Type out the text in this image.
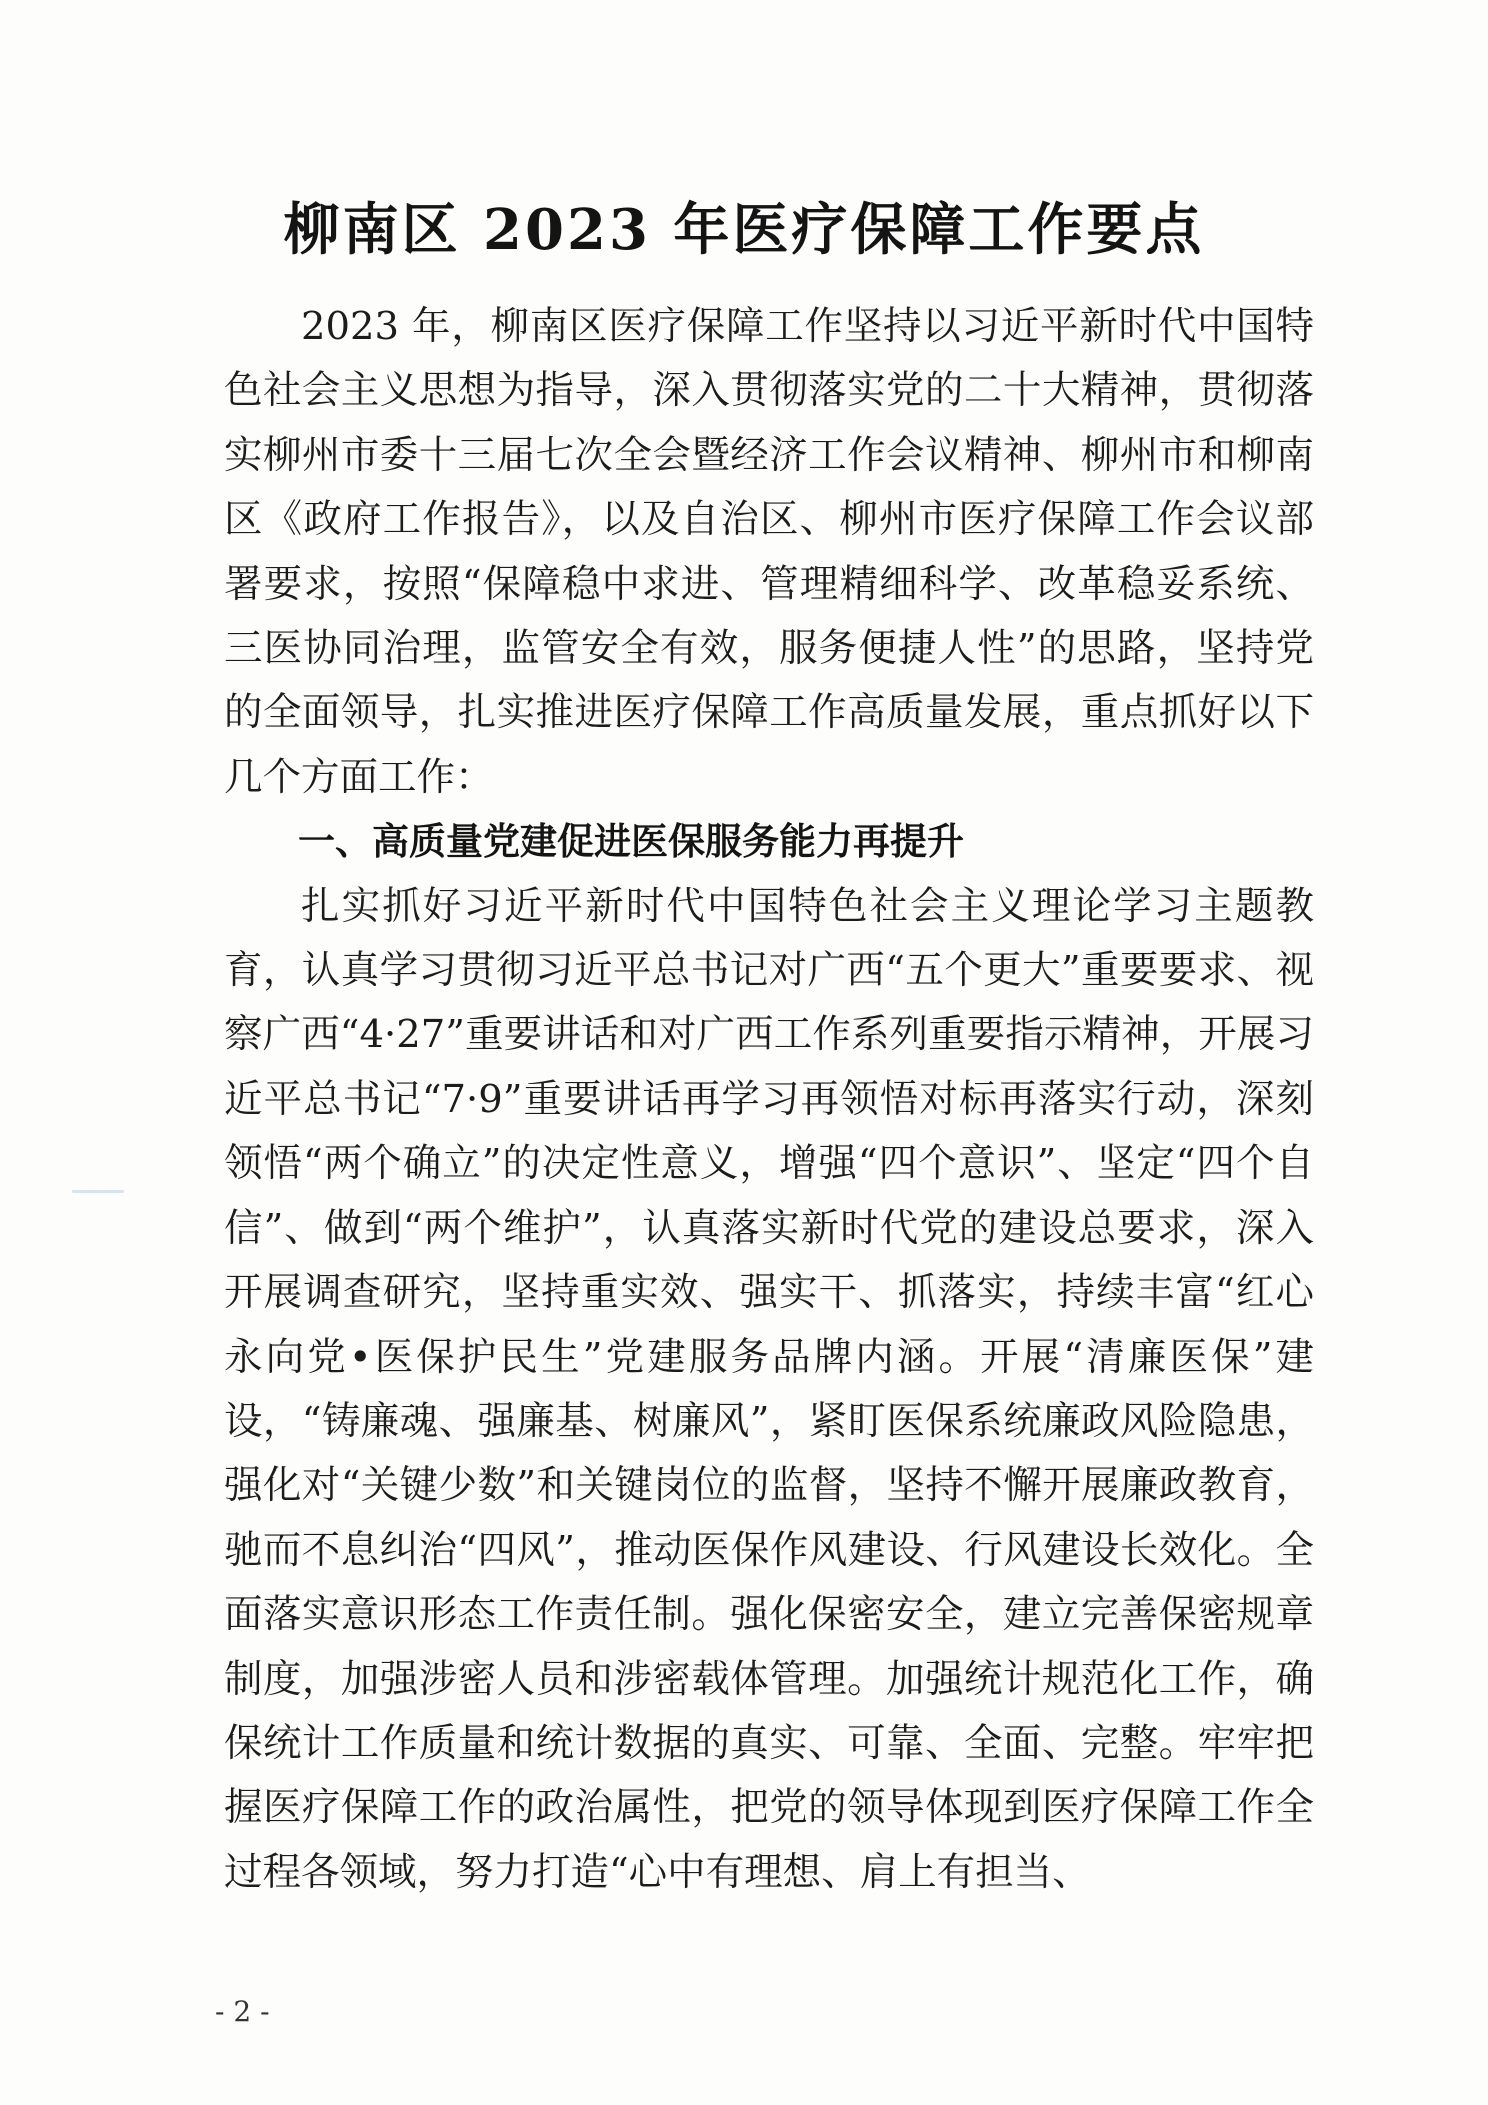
柳南区 2023 年医疗保障工作要点

2023 年，柳南区医疗保障工作坚持以习近平新时代中国特色社会主义思想为指导，深入贯彻落实党的二十大精神，贯彻落实柳州市委十三届七次全会暨经济工作会议精神、柳州市和柳南区《政府工作报告》，以及自治区、柳州市医疗保障工作会议部署要求，按照“保障稳中求进、管理精细科学、改革稳妥系统、三医协同治理，监管安全有效，服务便捷人性”的思路，坚持党的全面领导，扎实推进医疗保障工作高质量发展，重点抓好以下几个方面工作：

一、高质量党建促进医保服务能力再提升

扎实抓好习近平新时代中国特色社会主义理论学习主题教育，认真学习贯彻习近平总书记对广西“五个更大”重要要求、视察广西“4·27”重要讲话和对广西工作系列重要指示精神，开展习近平总书记“7·9”重要讲话再学习再领悟对标再落实行动，深刻领悟“两个确立”的决定性意义，增强“四个意识”、坚定“四个自信”、做到“两个维护”，认真落实新时代党的建设总要求，深入开展调查研究，坚持重实效、强实干、抓落实，持续丰富“红心永向党•医保护民生”党建服务品牌内涵。开展“清廉医保”建设，“铸廉魂、强廉基、树廉风”，紧盯医保系统廉政风险隐患，强化对“关键少数”和关键岗位的监督，坚持不懈开展廉政教育，驰而不息纠治“四风”，推动医保作风建设、行风建设长效化。全面落实意识形态工作责任制。强化保密安全，建立完善保密规章制度，加强涉密人员和涉密载体管理。加强统计规范化工作，确保统计工作质量和统计数据的真实、可靠、全面、完整。牢牢把握医疗保障工作的政治属性，把党的领导体现到医疗保障工作全过程各领域，努力打造“心中有理想、肩上有担当、

- 2 -
